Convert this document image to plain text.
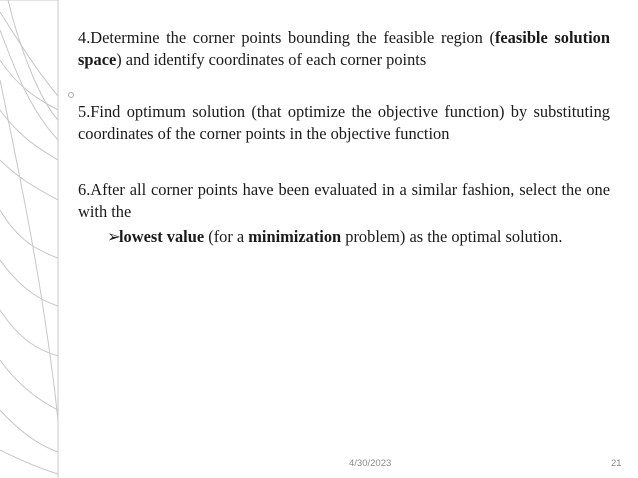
4.Determine the corner points bounding the feasible region (feasible solution space) and identify coordinates of each corner points

5.Find optimum solution (that optimize the objective function) by substituting coordinates of the corner points in the objective function

6.After all corner points have been evaluated in a similar fashion, select the one with the

➢lowest value (for a minimization problem) as the optimal solution.

4/30/2023	21
